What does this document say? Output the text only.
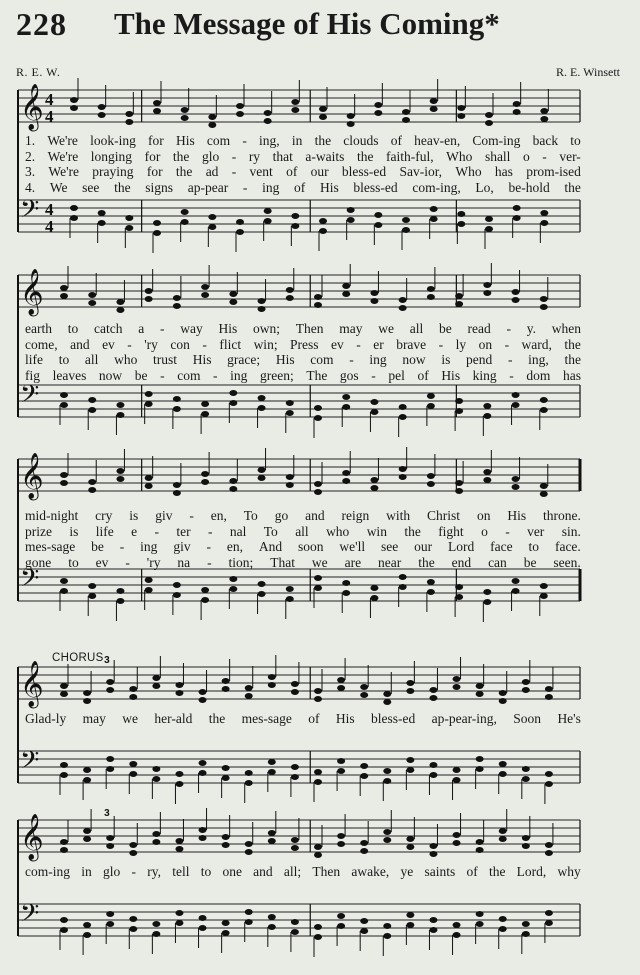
228 The Message of His Coming*
R. E. W.	R. E. Winsett
𝄞 4
4
𝄢 4
4
1. We're look-ing for His com - ing, in the clouds of heav-en, Com-ing back to
2. We're longing for the glo - ry that a-waits the faith-ful, Who shall o - ver-
3. We're praying for the ad - vent of our bless-ed Sav-ior, Who has prom-ised
4. We see the signs ap-pear - ing of His bless-ed com-ing, Lo, be-hold the
𝄞
𝄢
earth to catch a - way His own; Then may we all be read - y. when
come, and ev - 'ry con - flict win; Press ev - er brave - ly on - ward, the
life to all who trust His grace; His com - ing now is pend - ing, the
fig leaves now be - com - ing green; The gos - pel of His king - dom has
𝄞
𝄢
mid-night cry is giv - en, To go and reign with Christ on His throne.
prize is life e - ter - nal To all who win the fight o - ver sin.
mes-sage be - ing giv - en, And soon we'll see our Lord face to face.
gone to ev - 'ry na - tion; That we are near the end can be seen.
CHORUS
𝄞
𝄢
3
Glad-ly may we her-ald the mes-sage of His bless-ed ap-pear-ing, Soon He's
𝄞
𝄢
3
com-ing in glo - ry, tell to one and all; Then awake, ye saints of the Lord, why
